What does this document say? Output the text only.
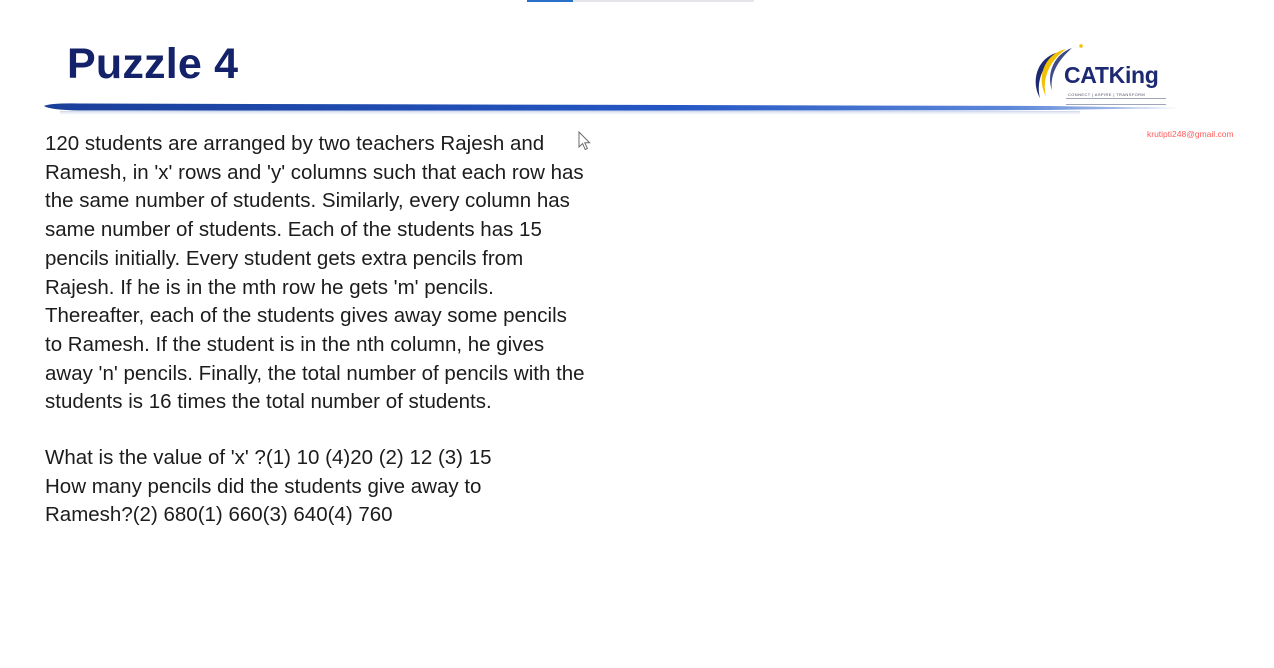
Puzzle 4	CATKing
CONNECT | ASPIRE | TRANSFORM
krutipti248@gmail.com
120 students are arranged by two teachers Rajesh and
Ramesh, in 'x' rows and 'y' columns such that each row has
the same number of students. Similarly, every column has
same number of students. Each of the students has 15
pencils initially. Every student gets extra pencils from
Rajesh. If he is in the mth row he gets 'm' pencils.
Thereafter, each of the students gives away some pencils
to Ramesh. If the student is in the nth column, he gives
away 'n' pencils. Finally, the total number of pencils with the
students is 16 times the total number of students.
What is the value of 'x' ?(1) 10 (4)20 (2) 12 (3) 15
How many pencils did the students give away to
Ramesh?(2) 680(1) 660(3) 640(4) 760
